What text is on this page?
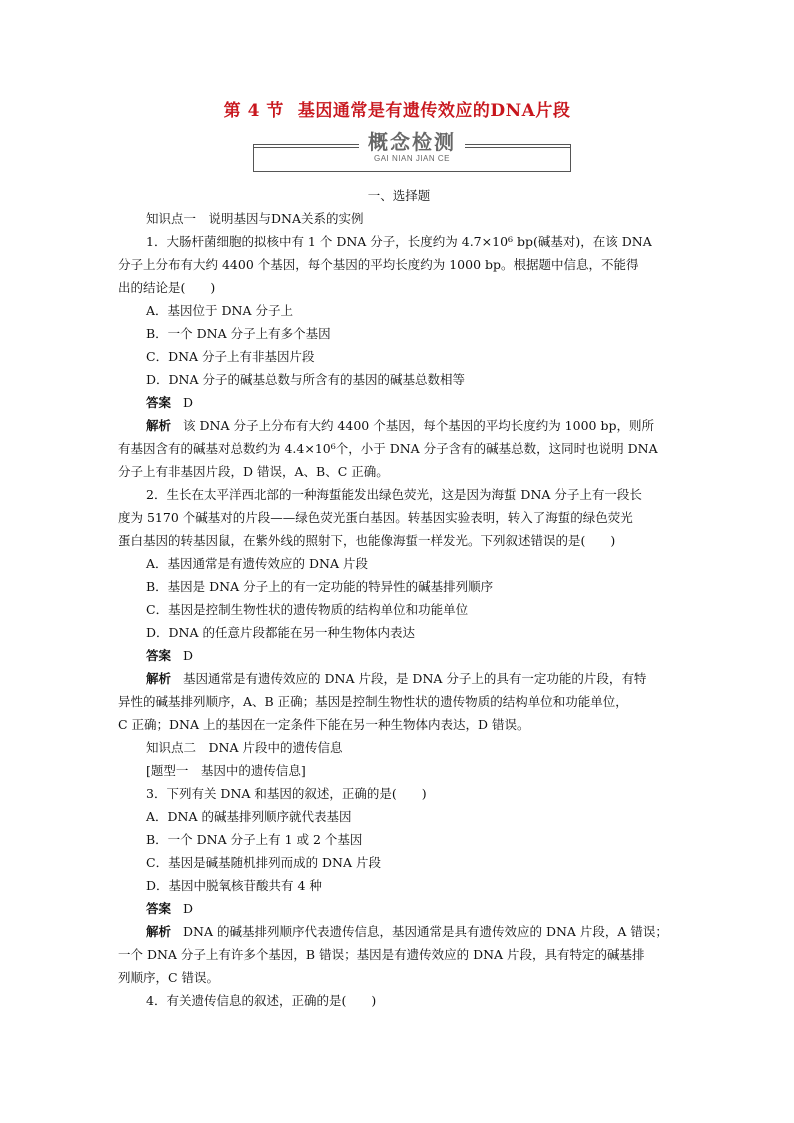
第 4 节 基因通常是有遗传效应的DNA片段
概念检测
GAI NIAN JIAN CE
一、选择题
知识点一　说明基因与DNA关系的实例
1．大肠杆菌细胞的拟核中有 1 个 DNA 分子，长度约为 4.7×10⁶ bp(碱基对)，在该 DNA
分子上分布有大约 4400 个基因，每个基因的平均长度约为 1000 bp。根据题中信息，不能得
出的结论是(　　)
A．基因位于 DNA 分子上
B．一个 DNA 分子上有多个基因
C．DNA 分子上有非基因片段
D．DNA 分子的碱基总数与所含有的基因的碱基总数相等
答案 D
解析 该 DNA 分子上分布有大约 4400 个基因，每个基因的平均长度约为 1000 bp，则所
有基因含有的碱基对总数约为 4.4×10⁶个，小于 DNA 分子含有的碱基总数，这同时也说明 DNA
分子上有非基因片段，D 错误，A、B、C 正确。
2．生长在太平洋西北部的一种海蜇能发出绿色荧光，这是因为海蜇 DNA 分子上有一段长
度为 5170 个碱基对的片段——绿色荧光蛋白基因。转基因实验表明，转入了海蜇的绿色荧光
蛋白基因的转基因鼠，在紫外线的照射下，也能像海蜇一样发光。下列叙述错误的是(　　)
A．基因通常是有遗传效应的 DNA 片段
B．基因是 DNA 分子上的有一定功能的特异性的碱基排列顺序
C．基因是控制生物性状的遗传物质的结构单位和功能单位
D．DNA 的任意片段都能在另一种生物体内表达
答案 D
解析 基因通常是有遗传效应的 DNA 片段，是 DNA 分子上的具有一定功能的片段，有特
异性的碱基排列顺序，A、B 正确；基因是控制生物性状的遗传物质的结构单位和功能单位，
C 正确；DNA 上的基因在一定条件下能在另一种生物体内表达，D 错误。
知识点二　DNA 片段中的遗传信息
[题型一　基因中的遗传信息]
3．下列有关 DNA 和基因的叙述，正确的是(　　)
A．DNA 的碱基排列顺序就代表基因
B．一个 DNA 分子上有 1 或 2 个基因
C．基因是碱基随机排列而成的 DNA 片段
D．基因中脱氧核苷酸共有 4 种
答案 D
解析 DNA 的碱基排列顺序代表遗传信息，基因通常是具有遗传效应的 DNA 片段，A 错误；
一个 DNA 分子上有许多个基因，B 错误；基因是有遗传效应的 DNA 片段，具有特定的碱基排
列顺序，C 错误。
4．有关遗传信息的叙述，正确的是(　　)
